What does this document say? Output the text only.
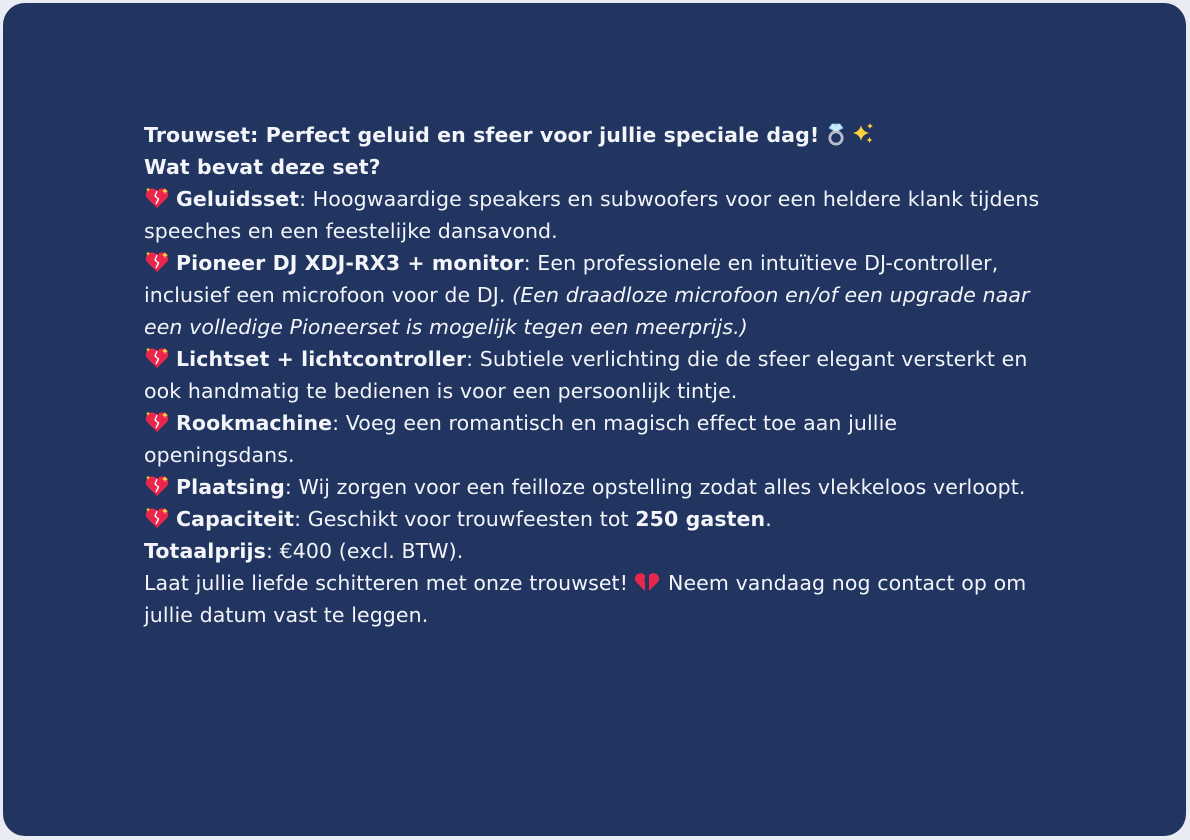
Trouwset: Perfect geluid en sfeer voor jullie speciale dag!

Wat bevat deze set?

Geluidsset: Hoogwaardige speakers en subwoofers voor een heldere klank tijdens speeches en een feestelijke dansavond.

Pioneer DJ XDJ-RX3 + monitor: Een professionele en intuïtieve DJ-controller, inclusief een microfoon voor de DJ. (Een draadloze microfoon en/of een upgrade naar een volledige Pioneerset is mogelijk tegen een meerprijs.)

Lichtset + lichtcontroller: Subtiele verlichting die de sfeer elegant versterkt en ook handmatig te bedienen is voor een persoonlijk tintje.

Rookmachine: Voeg een romantisch en magisch effect toe aan jullie openingsdans.

Plaatsing: Wij zorgen voor een feilloze opstelling zodat alles vlekkeloos verloopt.

Capaciteit: Geschikt voor trouwfeesten tot 250 gasten.

Totaalprijs: €400 (excl. BTW).

Laat jullie liefde schitteren met onze trouwset! Neem vandaag nog contact op om jullie datum vast te leggen.
